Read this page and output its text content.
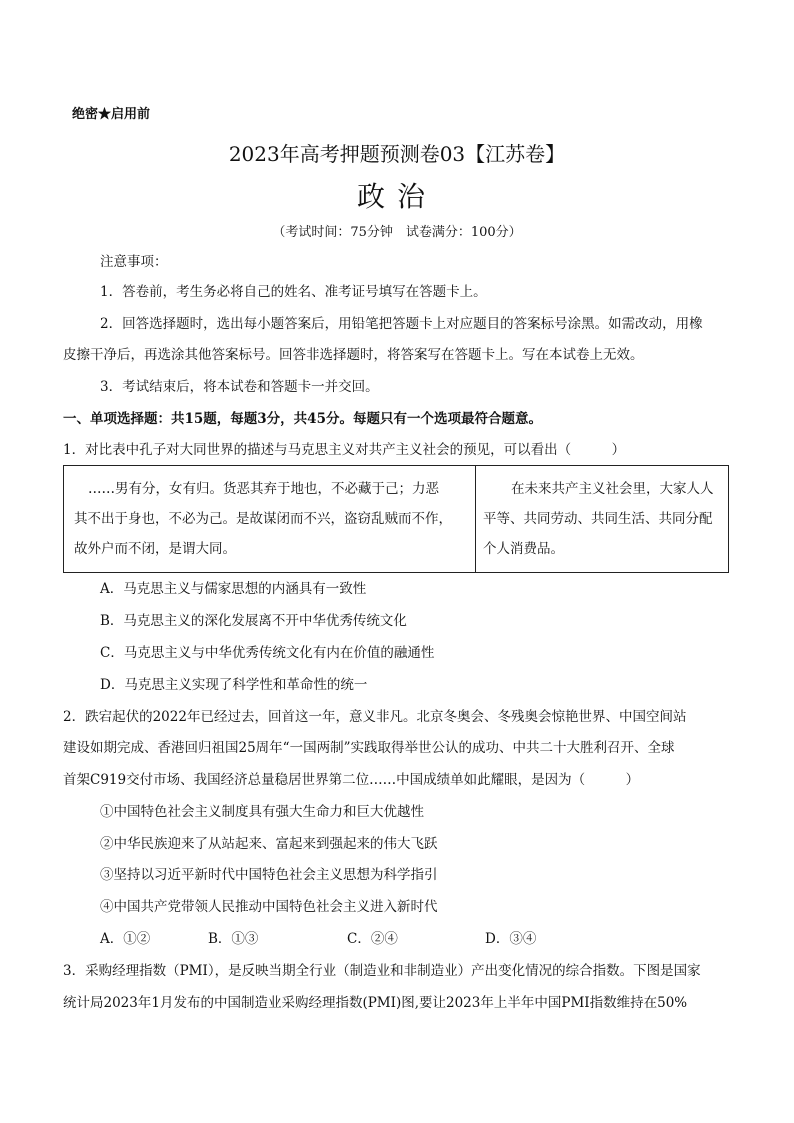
绝密★启用前
2023年高考押题预测卷03【江苏卷】
政治
（考试时间：75分钟　试卷满分：100分）
注意事项：
1．答卷前，考生务必将自己的姓名、准考证号填写在答题卡上。
2．回答选择题时，选出每小题答案后，用铅笔把答题卡上对应题目的答案标号涂黑。如需改动，用橡
皮擦干净后，再选涂其他答案标号。回答非选择题时，将答案写在答题卡上。写在本试卷上无效。
3．考试结束后，将本试卷和答题卡一并交回。
一、单项选择题：共15题，每题3分，共45分。每题只有一个选项最符合题意。
1．对比表中孔子对大同世界的描述与马克思主义对共产主义社会的预见，可以看出（　　　）
……男有分，女有归。货恶其弃于地也，不必藏于己；力恶
其不出于身也，不必为己。是故谋闭而不兴，盗窃乱贼而不作，
故外户而不闭，是谓大同。
在未来共产主义社会里，大家人人
平等、共同劳动、共同生活、共同分配
个人消费品。
A．马克思主义与儒家思想的内涵具有一致性
B．马克思主义的深化发展离不开中华优秀传统文化
C．马克思主义与中华优秀传统文化有内在价值的融通性
D．马克思主义实现了科学性和革命性的统一
2．跌宕起伏的2022年已经过去，回首这一年，意义非凡。北京冬奥会、冬残奥会惊艳世界、中国空间站
建设如期完成、香港回归祖国25周年“一国两制”实践取得举世公认的成功、中共二十大胜利召开、全球
首架C919交付市场、我国经济总量稳居世界第二位……中国成绩单如此耀眼，是因为（　　　）
①中国特色社会主义制度具有强大生命力和巨大优越性
②中华民族迎来了从站起来、富起来到强起来的伟大飞跃
③坚持以习近平新时代中国特色社会主义思想为科学指引
④中国共产党带领人民推动中国特色社会主义进入新时代
A．①②	B．①③	C．②④	D．③④
3．采购经理指数（PMI），是反映当期全行业（制造业和非制造业）产出变化情况的综合指数。下图是国家
统计局2023年1月发布的中国制造业采购经理指数(PMI)图,要让2023年上半年中国PMI指数维持在50%
